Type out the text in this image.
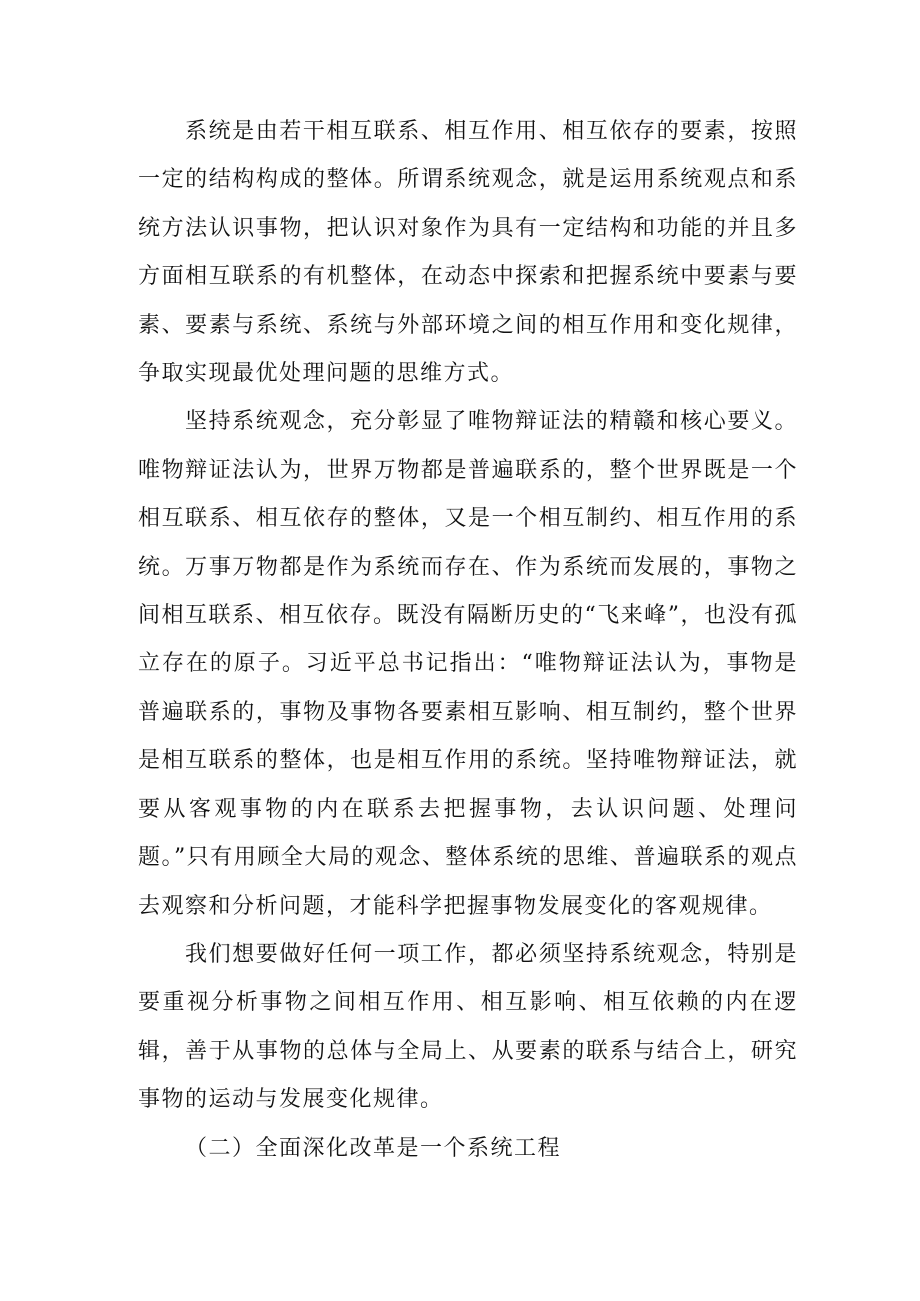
系统是由若干相互联系、相互作用、相互依存的要素，按照一定的结构构成的整体。所谓系统观念，就是运用系统观点和系统方法认识事物，把认识对象作为具有一定结构和功能的并且多方面相互联系的有机整体，在动态中探索和把握系统中要素与要素、要素与系统、系统与外部环境之间的相互作用和变化规律，争取实现最优处理问题的思维方式。

坚持系统观念，充分彰显了唯物辩证法的精赣和核心要义。唯物辩证法认为，世界万物都是普遍联系的，整个世界既是一个相互联系、相互依存的整体，又是一个相互制约、相互作用的系统。万事万物都是作为系统而存在、作为系统而发展的，事物之间相互联系、相互依存。既没有隔断历史的“飞来峰”，也没有孤立存在的原子。习近平总书记指出：“唯物辩证法认为，事物是普遍联系的，事物及事物各要素相互影响、相互制约，整个世界是相互联系的整体，也是相互作用的系统。坚持唯物辩证法，就要从客观事物的内在联系去把握事物，去认识问题、处理问题。”只有用顾全大局的观念、整体系统的思维、普遍联系的观点去观察和分析问题，才能科学把握事物发展变化的客观规律。

我们想要做好任何一项工作，都必须坚持系统观念，特别是要重视分析事物之间相互作用、相互影响、相互依赖的内在逻辑，善于从事物的总体与全局上、从要素的联系与结合上，研究事物的运动与发展变化规律。

（二）全面深化改革是一个系统工程
